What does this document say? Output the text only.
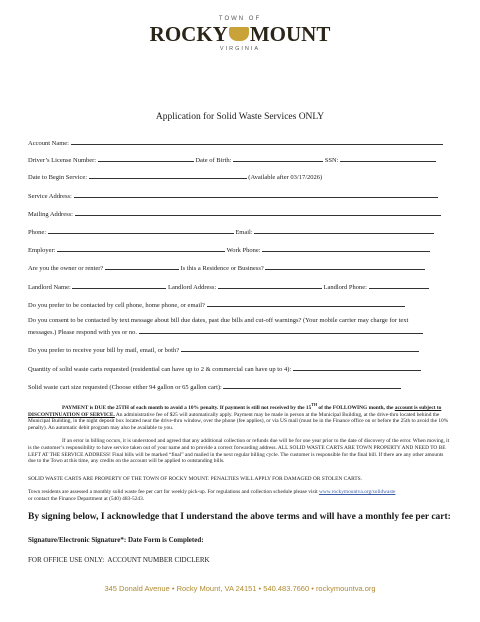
TOWN OF
ROCKY MOUNT
VIRGINIA
Application for Solid Waste Services ONLY
Account Name:
Driver’s License Number:	Date of Birth:	SSN:
Date to Begin Service:	(Available after 03/17/2026)
Service Address:
Mailing Address:
Phone:	Email:
Employer:	Work Phone:
Are you the owner or renter?	Is this a Residence or Business?
Landlord Name:	Landlord Address:	Landlord Phone:
Do you prefer to be contacted by cell phone, home phone, or email?
Do you consent to be contacted by text message about bill due dates, past due bills and cut-off warnings? (Your mobile carrier may charge for text
messages.) Please respond with yes or no.
Do you prefer to receive your bill by mail, email, or both?
Quantity of solid waste carts requested (residential can have up to 2 & commercial can have up to 4):
Solid waste cart size requested (Choose either 94 gallon or 65 gallon cart):
PAYMENT is DUE the 25TH of each month to avoid a 10% penalty. If payment is still not received by the 15TH of the FOLLOWING month, the account is subject to DISCONTINUATION OF SERVICE. An administrative fee of $25 will automatically apply. Payment may be made in person at the Municipal Building, at the drive-thru located behind the Municipal Building, in the night deposit box located near the drive-thru window, over the phone (fee applies), or via US mail (must be in the Finance office on or before the 25th to avoid the 10% penalty). An automatic debit program may also be available to you.
If an error in billing occurs, it is understood and agreed that any additional collection or refunds due will be for one year prior to the date of discovery of the error. When moving, it is the customer’s responsibility to have service taken out of your name and to provide a correct forwarding address. ALL SOLID WASTE CARTS ARE TOWN PROPERTY AND NEED TO BE LEFT AT THE SERVICE ADDRESS! Final bills will be marked “final” and mailed in the next regular billing cycle. The customer is responsible for the final bill. If there are any other amounts due to the Town at this time, any credits on the account will be applied to outstanding bills.
SOLID WASTE CARTS ARE PROPERTY OF THE TOWN OF ROCKY MOUNT. PENALTIES WILL APPLY FOR DAMAGED OR STOLEN CARTS.
Town residents are assessed a monthly solid waste fee per cart for weekly pick-up. For regulations and collection schedule please visit www.rockymountva.org/solidwaste
or contact the Finance Department at (540) 483-5243.
By signing below, I acknowledge that I understand the above terms and will have a monthly fee per cart:
Signature/Electronic Signature*: Date Form is Completed:
FOR OFFICE USE ONLY: ACCOUNT NUMBER CIDCLERK
345 Donald Avenue • Rocky Mount, VA 24151 • 540.483.7660 • rockymountva.org
